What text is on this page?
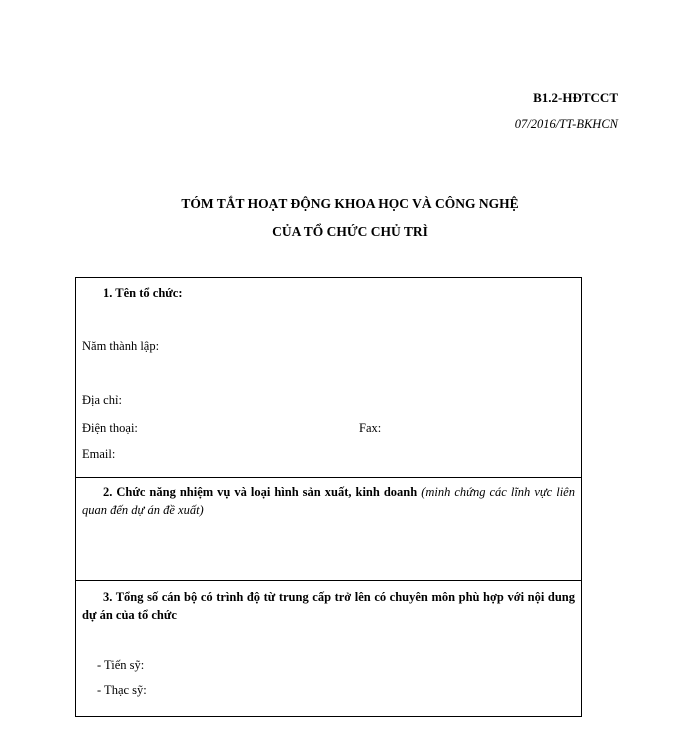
B1.2-HĐTCCT
07/2016/TT-BKHCN
TÓM TẮT HOẠT ĐỘNG KHOA HỌC VÀ CÔNG NGHỆ
CỦA TỔ CHỨC CHỦ TRÌ
1. Tên tổ chức:
Năm thành lập:
Địa chỉ:
Điện thoại:	Fax:
Email:
2. Chức năng nhiệm vụ và loại hình sản xuất, kinh doanh (minh chứng các lĩnh vực liên quan đến dự án đề xuất)
3. Tổng số cán bộ có trình độ từ trung cấp trở lên có chuyên môn phù hợp với nội dung dự án của tổ chức
- Tiến sỹ:
- Thạc sỹ:
